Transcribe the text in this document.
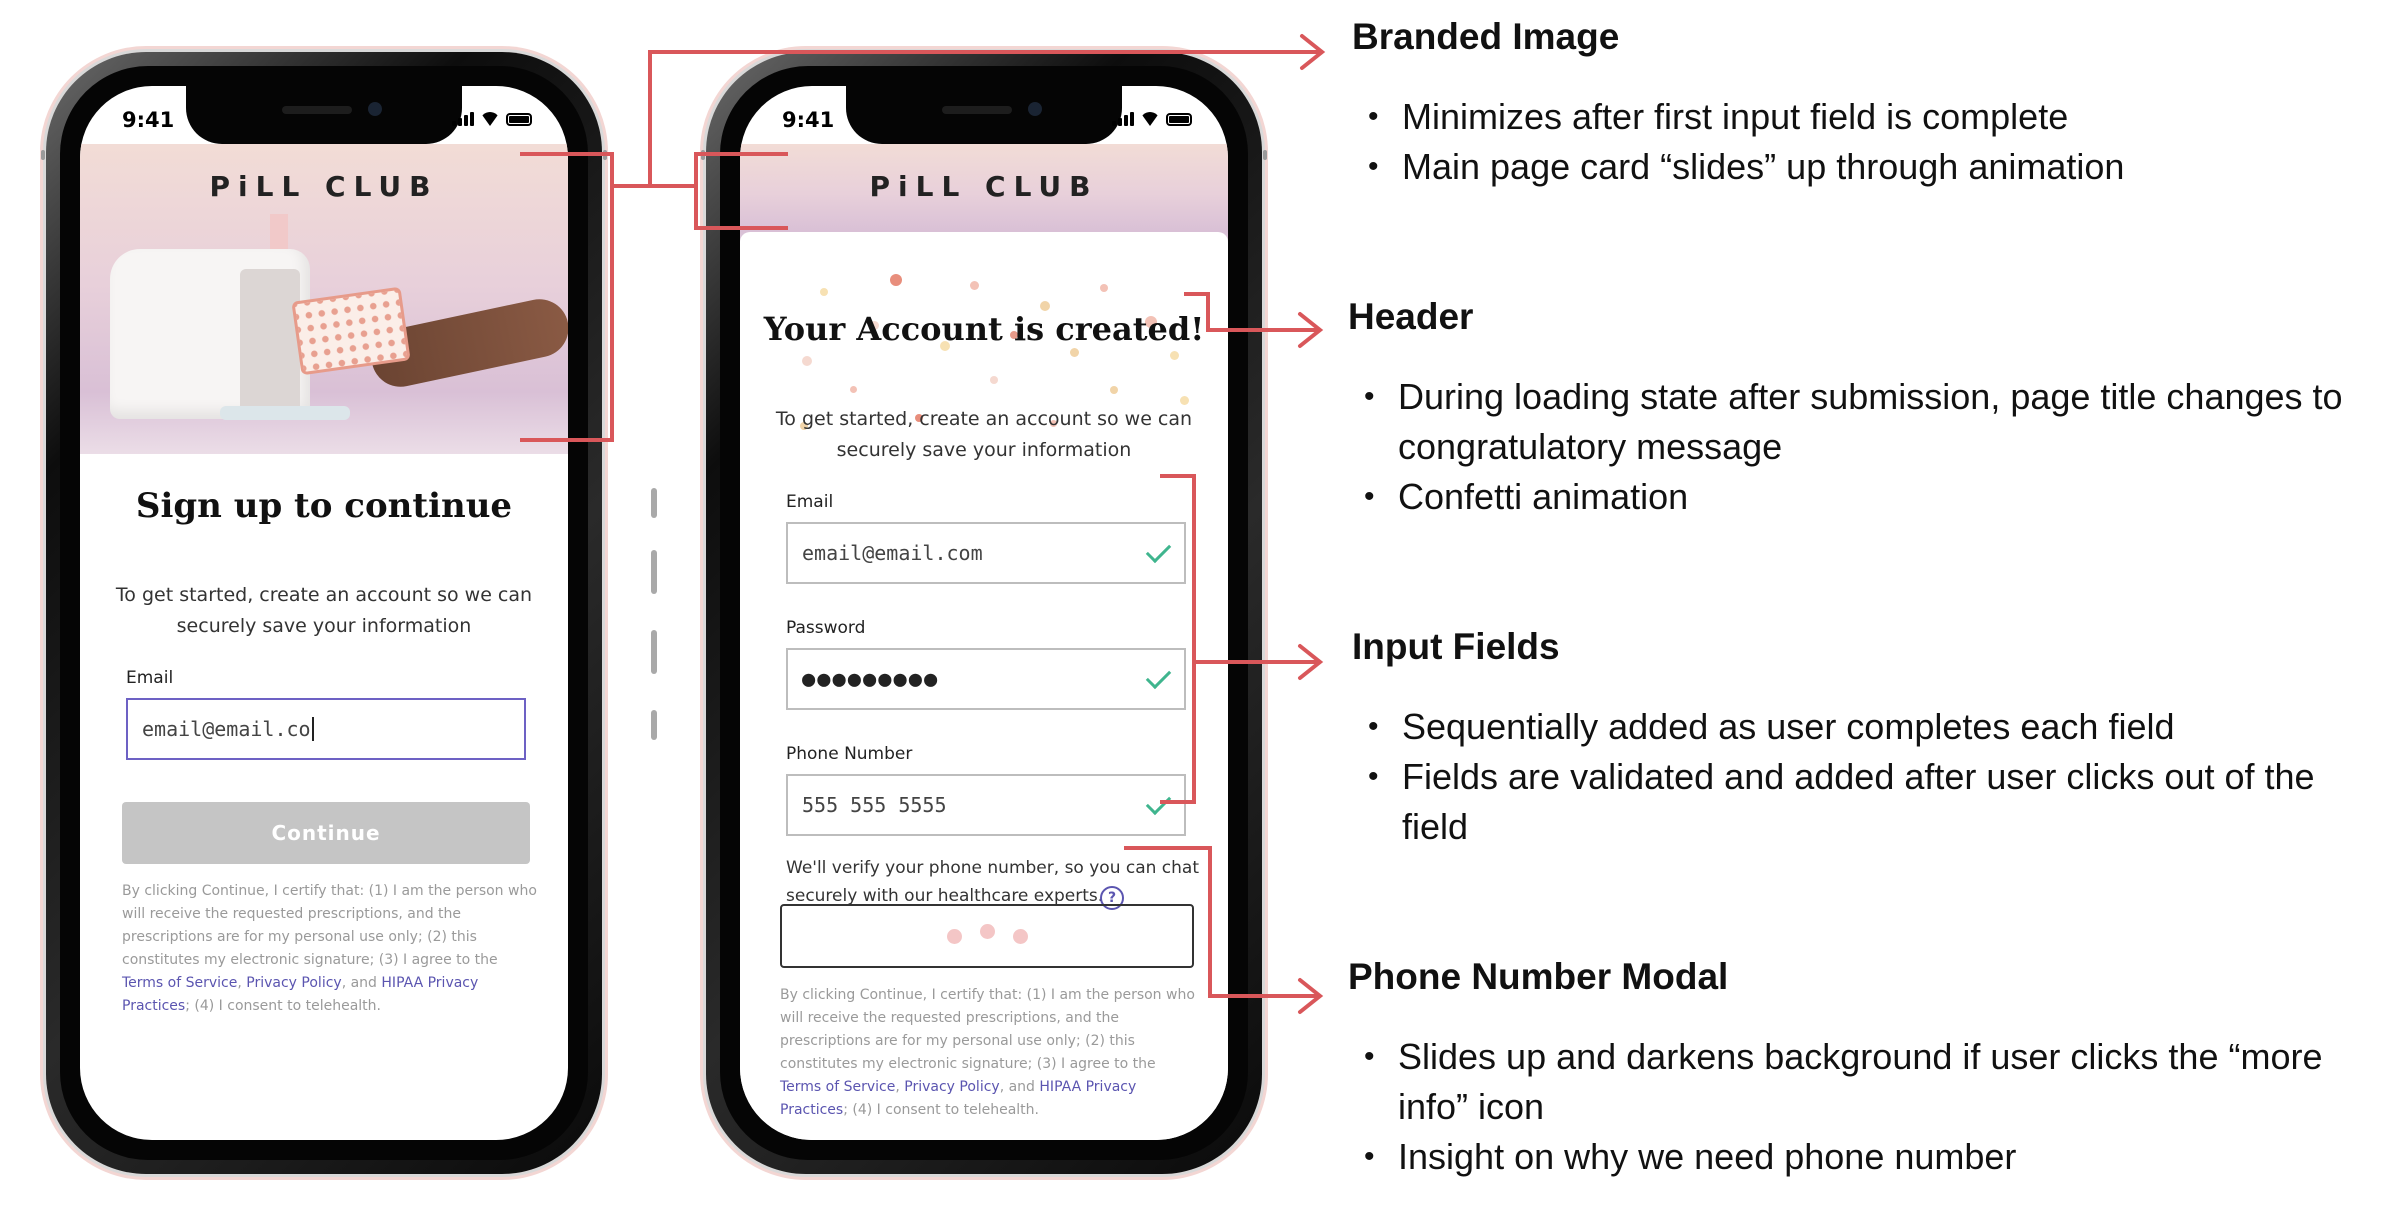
9:41
PiLL CLUB
Sign up to continue
To get started, create an account so we can
securely save your information
Email
email@email.co
Continue
By clicking Continue, I certify that: (1) I am the person who
will receive the requested prescriptions, and the
prescriptions are for my personal use only; (2) this
constitutes my electronic signature; (3) I agree to the
Terms of Service, Privacy Policy, and HIPAA Privacy
Practices; (4) I consent to telehealth.
9:41
PiLL CLUB
Your Account is created!
To get started, create an account so we can
securely save your information
Email
email@email.com
Password
●●●●●●●●●
Phone Number
555 555 5555
We'll verify your phone number, so you can chat
securely with our healthcare experts. ?
By clicking Continue, I certify that: (1) I am the person who
will receive the requested prescriptions, and the
prescriptions are for my personal use only; (2) this
constitutes my electronic signature; (3) I agree to the
Terms of Service, Privacy Policy, and HIPAA Privacy
Practices; (4) I consent to telehealth.
Branded Image
• Minimizes after first input field is complete
• Main page card “slides” up through animation
Header
• During loading state after submission, page title changes to congratulatory message
• Confetti animation
Input Fields
• Sequentially added as user completes each field
• Fields are validated and added after user clicks out of the field
Phone Number Modal
• Slides up and darkens background if user clicks the “more info” icon
• Insight on why we need phone number
